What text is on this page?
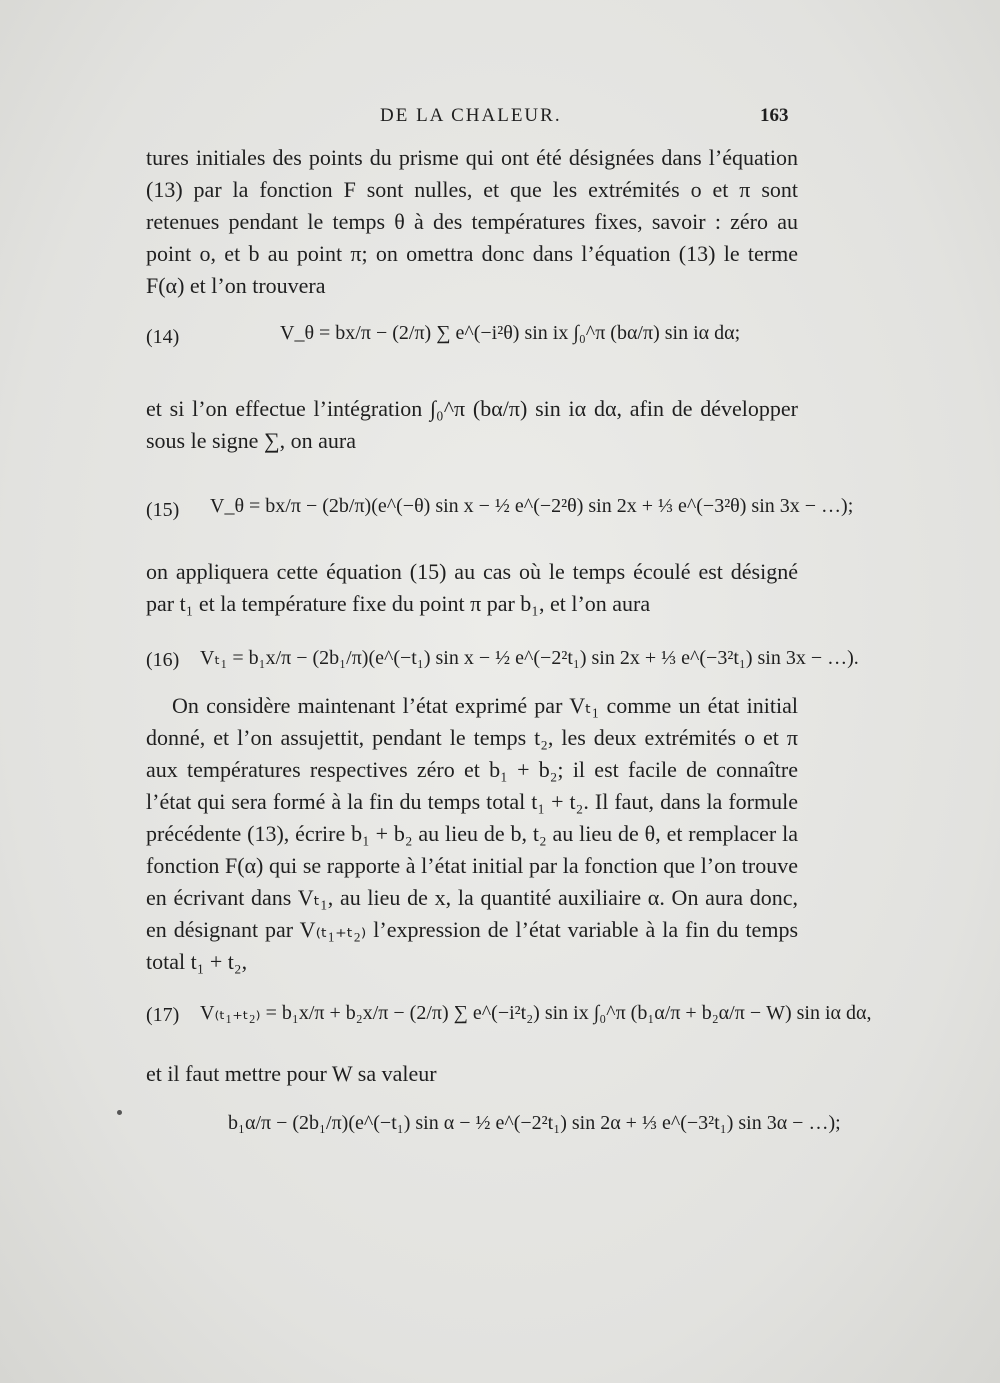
DE LA CHALEUR.	163

tures initiales des points du prisme qui ont été désignées dans l’équation (13) par la fonction F sont nulles, et que les extrémités o et π sont retenues pendant le temps θ à des températures fixes, savoir : zéro au point o, et b au point π; on omettra donc dans l’équation (13) le terme F(α) et l’on trouvera

(14)	V_θ = bx/π − (2/π) ∑ e^(−i²θ) sin ix ∫₀^π (bα/π) sin iα dα;

et si l’on effectue l’intégration ∫₀^π (bα/π) sin iα dα, afin de développer sous le signe ∑, on aura

(15) V_θ = bx/π − (2b/π)(e^(−θ) sin x − ½ e^(−2²θ) sin 2x + ⅓ e^(−3²θ) sin 3x − …);

on appliquera cette équation (15) au cas où le temps écoulé est désigné par t₁ et la température fixe du point π par b₁, et l’on aura

(16) Vₜ₁ = b₁x/π − (2b₁/π)(e^(−t₁) sin x − ½ e^(−2²t₁) sin 2x + ⅓ e^(−3²t₁) sin 3x − …).

On considère maintenant l’état exprimé par Vₜ₁ comme un état initial donné, et l’on assujettit, pendant le temps t₂, les deux extrémités o et π aux températures respectives zéro et b₁ + b₂; il est facile de connaître l’état qui sera formé à la fin du temps total t₁ + t₂. Il faut, dans la formule précédente (13), écrire b₁ + b₂ au lieu de b, t₂ au lieu de θ, et remplacer la fonction F(α) qui se rapporte à l’état initial par la fonction que l’on trouve en écrivant dans Vₜ₁, au lieu de x, la quantité auxiliaire α. On aura donc, en désignant par V₍ₜ₁₊ₜ₂₎ l’expression de l’état variable à la fin du temps total t₁ + t₂,

(17) V₍ₜ₁₊ₜ₂₎ = b₁x/π + b₂x/π − (2/π) ∑ e^(−i²t₂) sin ix ∫₀^π (b₁α/π + b₂α/π − W) sin iα dα,

et il faut mettre pour W sa valeur

b₁α/π − (2b₁/π)(e^(−t₁) sin α − ½ e^(−2²t₁) sin 2α + ⅓ e^(−3²t₁) sin 3α − …);
